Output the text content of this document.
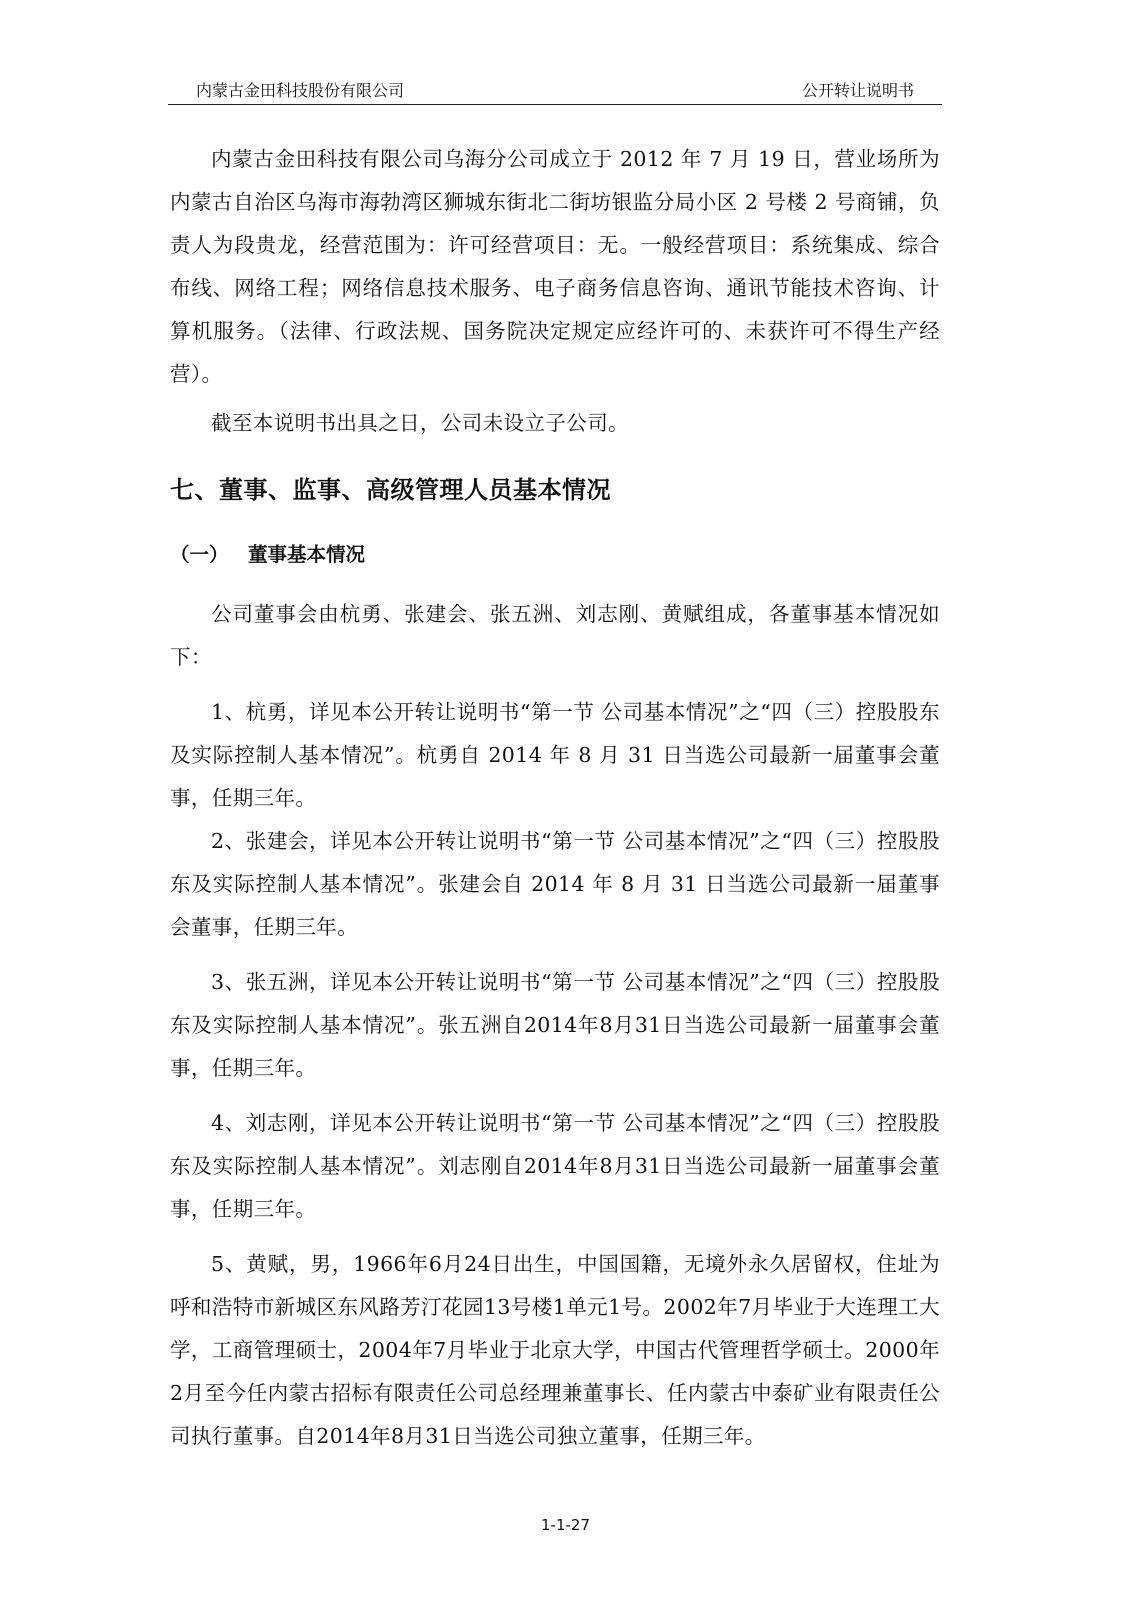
内蒙古金田科技股份有限公司	公开转让说明书

内蒙古金田科技有限公司乌海分公司成立于 2012 年 7 月 19 日，营业场所为内蒙古自治区乌海市海勃湾区狮城东街北二街坊银监分局小区 2 号楼 2 号商铺，负责人为段贵龙，经营范围为：许可经营项目：无。一般经营项目：系统集成、综合布线、网络工程；网络信息技术服务、电子商务信息咨询、通讯节能技术咨询、计算机服务。（法律、行政法规、国务院决定规定应经许可的、未获许可不得生产经营）。

截至本说明书出具之日，公司未设立子公司。

七、董事、监事、高级管理人员基本情况
（一） 董事基本情况

公司董事会由杭勇、张建会、张五洲、刘志刚、黄赋组成，各董事基本情况如下：

1、杭勇，详见本公开转让说明书“第一节 公司基本情况”之“四（三）控股股东及实际控制人基本情况”。杭勇自 2014 年 8 月 31 日当选公司最新一届董事会董事，任期三年。

2、张建会，详见本公开转让说明书“第一节 公司基本情况”之“四（三）控股股东及实际控制人基本情况”。张建会自 2014 年 8 月 31 日当选公司最新一届董事会董事，任期三年。

3、张五洲，详见本公开转让说明书“第一节 公司基本情况”之“四（三）控股股东及实际控制人基本情况”。张五洲自2014年8月31日当选公司最新一届董事会董事，任期三年。

4、刘志刚，详见本公开转让说明书“第一节 公司基本情况”之“四（三）控股股东及实际控制人基本情况”。刘志刚自2014年8月31日当选公司最新一届董事会董事，任期三年。

5、黄赋，男，1966年6月24日出生，中国国籍，无境外永久居留权，住址为呼和浩特市新城区东风路芳汀花园13号楼1单元1号。2002年7月毕业于大连理工大学，工商管理硕士，2004年7月毕业于北京大学，中国古代管理哲学硕士。2000年2月至今任内蒙古招标有限责任公司总经理兼董事长、任内蒙古中泰矿业有限责任公司执行董事。自2014年8月31日当选公司独立董事，任期三年。

1-1-27
